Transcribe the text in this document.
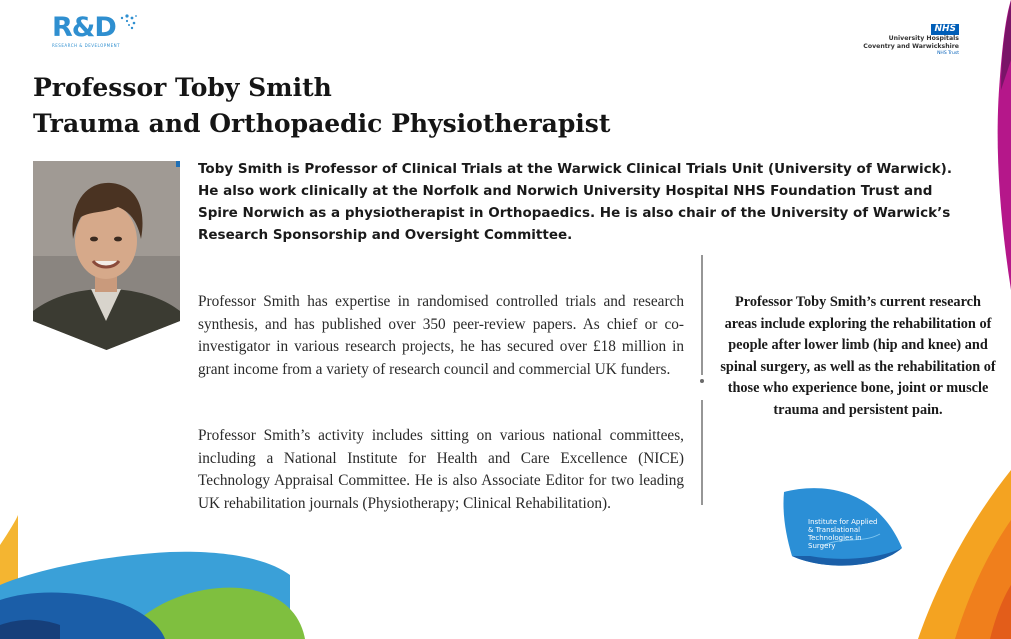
R&D
RESEARCH & DEVELOPMENT
NHS
University Hospitals
Coventry and Warwickshire
NHS Trust
Professor Toby Smith
Trauma and Orthopaedic Physiotherapist
Toby Smith is Professor of Clinical Trials at the Warwick Clinical Trials Unit (University of Warwick). He also work clinically at the Norfolk and Norwich University Hospital NHS Foundation Trust and Spire Norwich as a physiotherapist in Orthopaedics. He is also chair of the University of Warwick’s Research Sponsorship and Oversight Committee.
Professor Smith has expertise in randomised controlled trials and research synthesis, and has published over 350 peer-review papers. As chief or co-investigator in various research projects, he has secured over £18 million in grant income from a variety of research council and commercial UK funders.
Professor Smith’s activity includes sitting on various national committees, including a National Institute for Health and Care Excellence (NICE) Technology Appraisal Committee. He is also Associate Editor for two leading UK rehabilitation journals (Physiotherapy; Clinical Rehabilitation).
Professor Toby Smith’s current research areas include exploring the rehabilitation of people after lower limb (hip and knee) and spinal surgery, as well as the rehabilitation of those who experience bone, joint or muscle trauma and persistent pain.
Institute for Applied & Translational Technologies in Surgery
